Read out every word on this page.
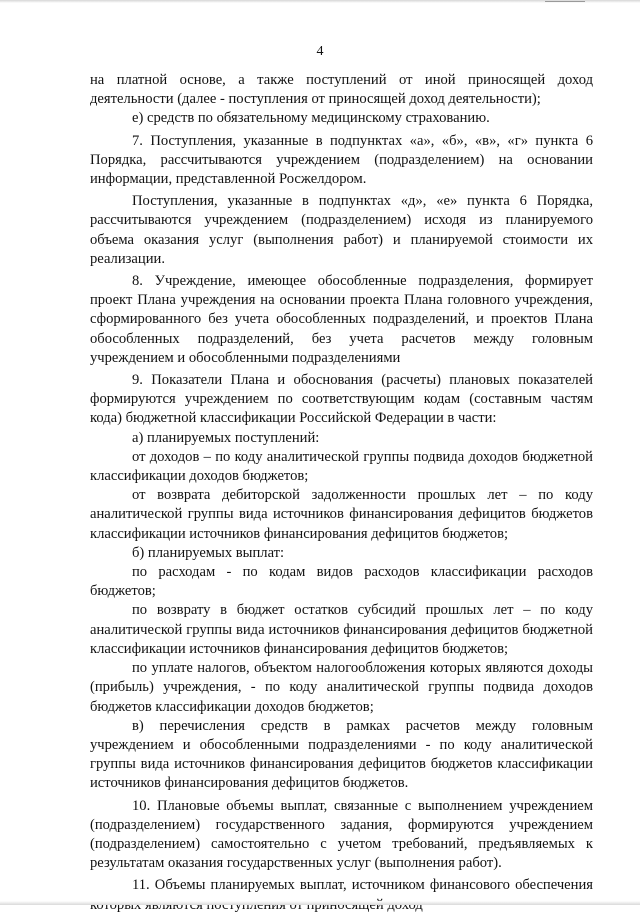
4

на платной основе, а также поступлений от иной приносящей доход деятельности (далее - поступления от приносящей доход деятельности);

е) средств по обязательному медицинскому страхованию.

7. Поступления, указанные в подпунктах «а», «б», «в», «г» пункта 6 Порядка, рассчитываются учреждением (подразделением) на основании информации, представленной Росжелдором.

Поступления, указанные в подпунктах «д», «е» пункта 6 Порядка, рассчитываются учреждением (подразделением) исходя из планируемого объема оказания услуг (выполнения работ) и планируемой стоимости их реализации.

8. Учреждение, имеющее обособленные подразделения, формирует проект Плана учреждения на основании проекта Плана головного учреждения, сформированного без учета обособленных подразделений, и проектов Плана обособленных подразделений, без учета расчетов между головным учреждением и обособленными подразделениями

9. Показатели Плана и обоснования (расчеты) плановых показателей формируются учреждением по соответствующим кодам (составным частям кода) бюджетной классификации Российской Федерации в части:

а) планируемых поступлений:

от доходов – по коду аналитической группы подвида доходов бюджетной классификации доходов бюджетов;

от возврата дебиторской задолженности прошлых лет – по коду аналитической группы вида источников финансирования дефицитов бюджетов классификации источников финансирования дефицитов бюджетов;

б) планируемых выплат:

по расходам - по кодам видов расходов классификации расходов бюджетов;

по возврату в бюджет остатков субсидий прошлых лет – по коду аналитической группы вида источников финансирования дефицитов бюджетной классификации источников финансирования дефицитов бюджетов;

по уплате налогов, объектом налогообложения которых являются доходы (прибыль) учреждения, - по коду аналитической группы подвида доходов бюджетов классификации доходов бюджетов;

в) перечисления средств в рамках расчетов между головным учреждением и обособленными подразделениями - по коду аналитической группы вида источников финансирования дефицитов бюджетов классификации источников финансирования дефицитов бюджетов.

10. Плановые объемы выплат, связанные с выполнением учреждением (подразделением) государственного задания, формируются учреждением (подразделением) самостоятельно с учетом требований, предъявляемых к результатам оказания государственных услуг (выполнения работ).

11. Объемы планируемых выплат, источником финансового обеспечения
